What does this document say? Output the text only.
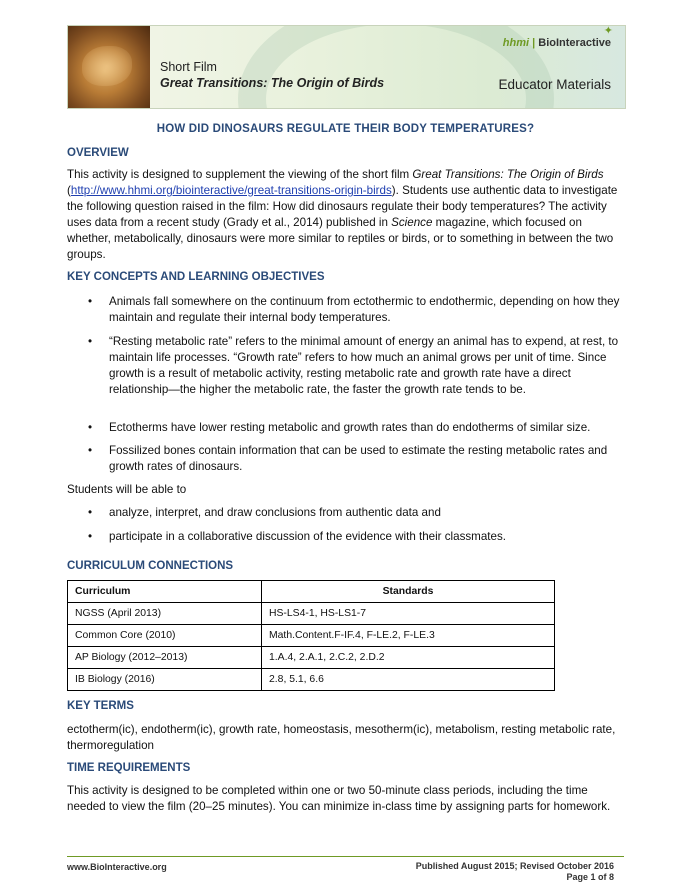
Short Film
Great Transitions: The Origin of Birds
✦
hhmi | BioInteractive
Educator Materials
HOW DID DINOSAURS REGULATE THEIR BODY TEMPERATURES?
OVERVIEW
This activity is designed to supplement the viewing of the short film Great Transitions: The Origin of Birds (http://www.hhmi.org/biointeractive/great-transitions-origin-birds). Students use authentic data to investigate the following question raised in the film: How did dinosaurs regulate their body temperatures? The activity uses data from a recent study (Grady et al., 2014) published in Science magazine, which focused on whether, metabolically, dinosaurs were more similar to reptiles or birds, or to something in between the two groups.
KEY CONCEPTS AND LEARNING OBJECTIVES
• Animals fall somewhere on the continuum from ectothermic to endothermic, depending on how they maintain and regulate their internal body temperatures.
• “Resting metabolic rate” refers to the minimal amount of energy an animal has to expend, at rest, to maintain life processes. “Growth rate” refers to how much an animal grows per unit of time. Since growth is a result of metabolic activity, resting metabolic rate and growth rate have a direct relationship—the higher the metabolic rate, the faster the growth rate tends to be.
• Ectotherms have lower resting metabolic and growth rates than do endotherms of similar size.
• Fossilized bones contain information that can be used to estimate the resting metabolic rates and growth rates of dinosaurs.
Students will be able to
• analyze, interpret, and draw conclusions from authentic data and
• participate in a collaborative discussion of the evidence with their classmates.
CURRICULUM CONNECTIONS
Curriculum	Standards
NGSS (April 2013)	HS-LS4-1, HS-LS1-7
Common Core (2010)	Math.Content.F-IF.4, F-LE.2, F-LE.3
AP Biology (2012–2013)	1.A.4, 2.A.1, 2.C.2, 2.D.2
IB Biology (2016)	2.8, 5.1, 6.6
KEY TERMS
ectotherm(ic), endotherm(ic), growth rate, homeostasis, mesotherm(ic), metabolism, resting metabolic rate, thermoregulation
TIME REQUIREMENTS
This activity is designed to be completed within one or two 50-minute class periods, including the time needed to view the film (20–25 minutes). You can minimize in-class time by assigning parts for homework.
www.BioInteractive.org	Published August 2015; Revised October 2016
Page 1 of 8
